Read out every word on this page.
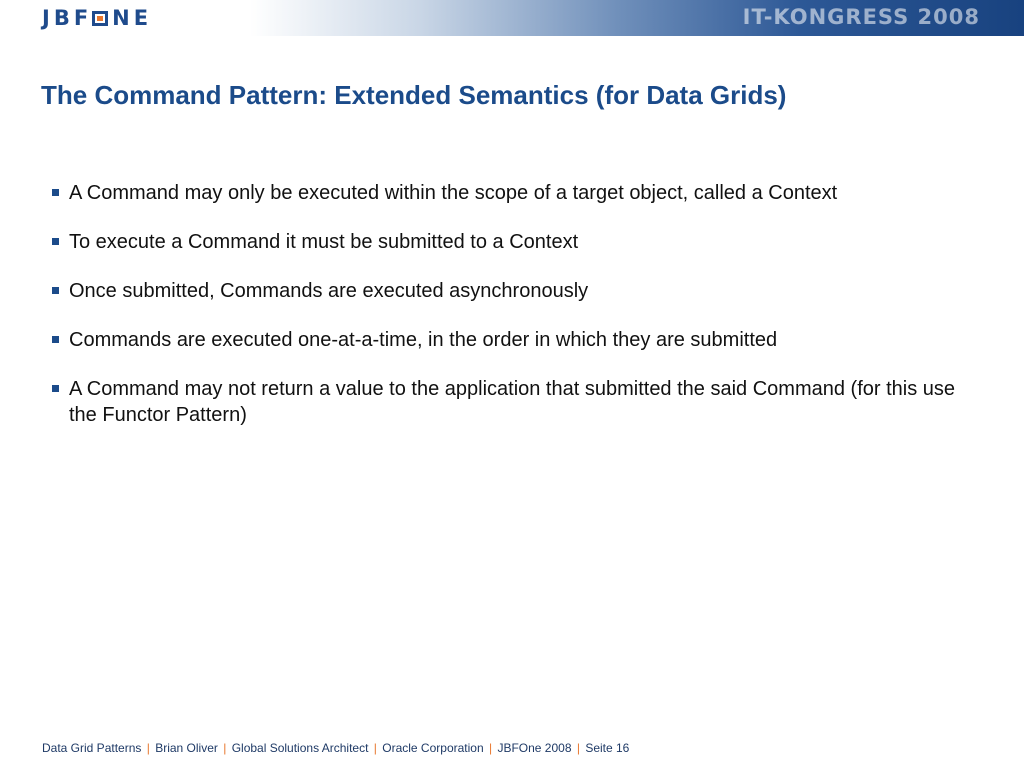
JBF NE	IT-KONGRESS 2008
The Command Pattern: Extended Semantics (for Data Grids)
A Command may only be executed within the scope of a target object, called a Context
To execute a Command it must be submitted to a Context
Once submitted, Commands are executed asynchronously
Commands are executed one-at-a-time, in the order in which they are submitted
A Command may not return a value to the application that submitted the said Command (for this use the Functor Pattern)
Data Grid Patterns | Brian Oliver | Global Solutions Architect | Oracle Corporation | JBFOne 2008 | Seite 16
